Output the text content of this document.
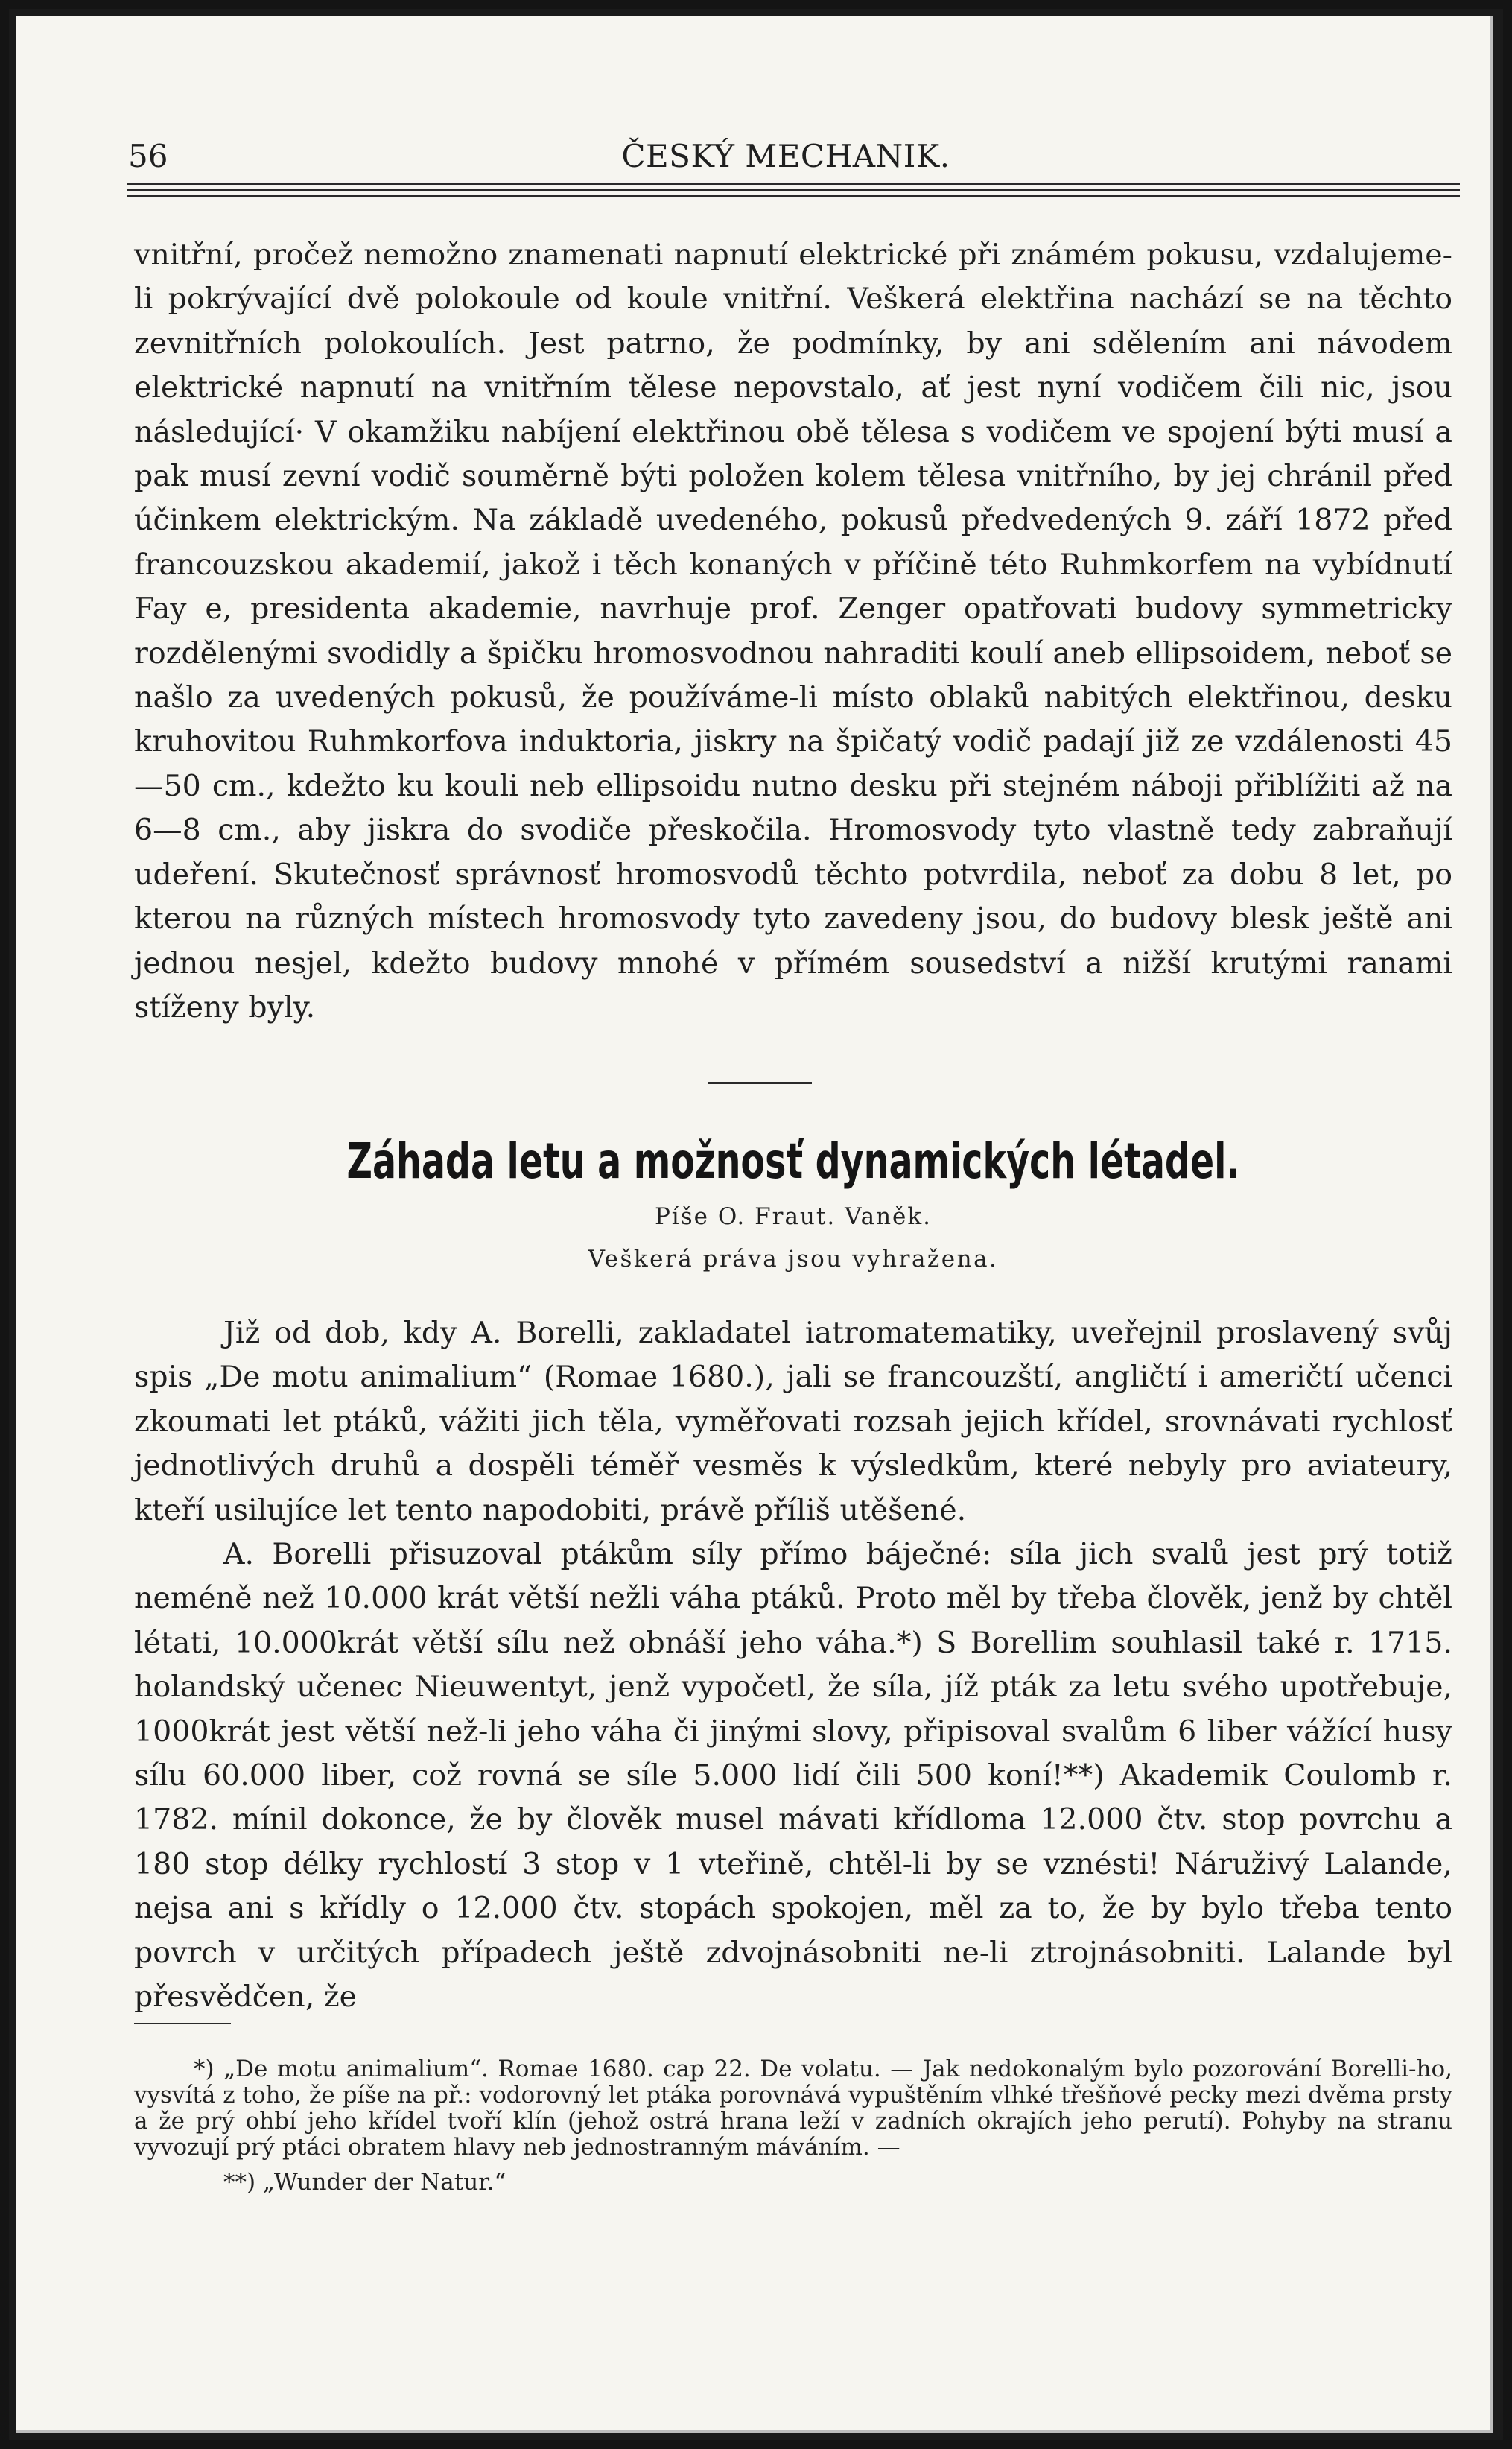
56	ČESKÝ MECHANIK.

vnitřní, pročež nemožno znamenati napnutí elektrické při známém pokusu, vzdalujeme-li pokrývající dvě polokoule od koule vnitřní. Veškerá elektřina nachází se na těchto zevnitřních polokoulích. Jest patrno, že podmínky, by ani sdělením ani návodem elektrické napnutí na vnitřním tělese nepovstalo, ať jest nyní vodičem čili nic, jsou následující· V okamžiku nabíjení elektřinou obě tělesa s vodičem ve spojení býti musí a pak musí zevní vodič souměrně býti položen kolem tělesa vnitřního, by jej chránil před účinkem elektrickým. Na základě uvedeného, pokusů předvedených 9. září 1872 před francouzskou akademií, jakož i těch konaných v příčině této Ruhmkorfem na vybídnutí Fay e, presidenta akademie, navrhuje prof. Zenger opatřovati budovy symmetricky rozdělenými svodidly a špičku hromosvodnou nahraditi koulí aneb ellipsoidem, neboť se našlo za uvedených pokusů, že používáme-li místo oblaků nabitých elektřinou, desku kruhovitou Ruhmkorfova induktoria, jiskry na špičatý vodič padají již ze vzdálenosti 45—50 cm., kdežto ku kouli neb ellipsoidu nutno desku při stejném náboji přiblížiti až na 6—8 cm., aby jiskra do svodiče přeskočila. Hromosvody tyto vlastně tedy zabraňují udeření. Skutečnosť správnosť hromosvodů těchto potvrdila, neboť za dobu 8 let, po kterou na různých místech hromosvody tyto zavedeny jsou, do budovy blesk ještě ani jednou nesjel, kdežto budovy mnohé v přímém sousedství a nižší krutými ranami stíženy byly.

Záhada letu a možnosť dynamických létadel.
Píše O. Fraut. Vaněk.
Veškerá práva jsou vyhražena.

Již od dob, kdy A. Borelli, zakladatel iatromatematiky, uveřejnil proslavený svůj spis „De motu animalium“ (Romae 1680.), jali se francouzští, angličtí i američtí učenci zkoumati let ptáků, vážiti jich těla, vyměřovati rozsah jejich křídel, srovnávati rychlosť jednotlivých druhů a dospěli téměř vesměs k výsledkům, které nebyly pro aviateury, kteří usilujíce let tento napodobiti, právě příliš utěšené.

A. Borelli přisuzoval ptákům síly přímo báječné: síla jich svalů jest prý totiž neméně než 10.000 krát větší nežli váha ptáků. Proto měl by třeba člověk, jenž by chtěl létati, 10.000krát větší sílu než obnáší jeho váha.*) S Borellim souhlasil také r. 1715. holandský učenec Nieuwentyt, jenž vypočetl, že síla, jíž pták za letu svého upotřebuje, 1000krát jest větší než-li jeho váha či jinými slovy, připisoval svalům 6 liber vážící husy sílu 60.000 liber, což rovná se síle 5.000 lidí čili 500 koní!**) Akademik Coulomb r. 1782. mínil dokonce, že by člověk musel mávati křídloma 12.000 čtv. stop povrchu a 180 stop délky rychlostí 3 stop v 1 vteřině, chtěl-li by se vznésti! Náruživý Lalande, nejsa ani s křídly o 12.000 čtv. stopách spokojen, měl za to, že by bylo třeba tento povrch v určitých případech ještě zdvojnásobniti ne-li ztrojnásobniti. Lalande byl přesvědčen, že

*) „De motu animalium“. Romae 1680. cap 22. De volatu. — Jak nedokonalým bylo pozorování Borelli-ho, vysvítá z toho, že píše na př.: vodorovný let ptáka porovnává vypuštěním vlhké třešňové pecky mezi dvěma prsty a že prý ohbí jeho křídel tvoří klín (jehož ostrá hrana leží v zadních okrajích jeho perutí). Pohyby na stranu vyvozují prý ptáci obratem hlavy neb jednostranným máváním. —

**) „Wunder der Natur.“
